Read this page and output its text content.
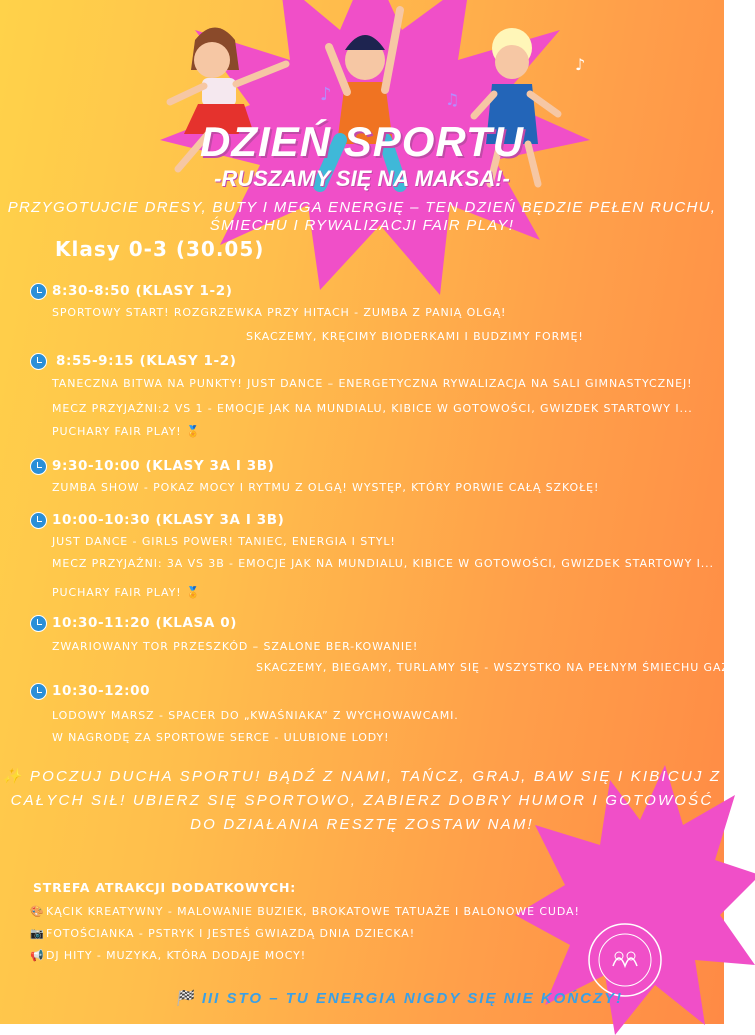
♪	♫
♪
DZIEŃ SPORTU
-RUSZAMY SIĘ NA MAKSA!-
PRZYGOTUJCIE DRESY, BUTY I MEGA ENERGIĘ – TEN DZIEŃ BĘDZIE PEŁEN RUCHU, ŚMIECHU I RYWALIZACJI FAIR PLAY!
Klasy 0-3 (30.05)
8:30-8:50 (KLASY 1-2)
SPORTOWY START! ROZGRZEWKA PRZY HITACH - ZUMBA Z PANIĄ OLGĄ!
SKACZEMY, KRĘCIMY BIODERKAMI I BUDZIMY FORMĘ!
8:55-9:15 (KLASY 1-2)
TANECZNA BITWA NA PUNKTY! JUST DANCE – ENERGETYCZNA RYWALIZACJA NA SALI GIMNASTYCZNEJ!
MECZ PRZYJAŹNI:2 VS 1 - EMOCJE JAK NA MUNDIALU, KIBICE W GOTOWOŚCI, GWIZDEK STARTOWY I...
PUCHARY FAIR PLAY! 🏅
9:30-10:00 (KLASY 3A I 3B)
ZUMBA SHOW - POKAZ MOCY I RYTMU Z OLGĄ! WYSTĘP, KTÓRY PORWIE CAŁĄ SZKOŁĘ!
10:00-10:30 (KLASY 3A I 3B)
JUST DANCE - GIRLS POWER! TANIEC, ENERGIA I STYL!
MECZ PRZYJAŹNI: 3A VS 3B - EMOCJE JAK NA MUNDIALU, KIBICE W GOTOWOŚCI, GWIZDEK STARTOWY I...
PUCHARY FAIR PLAY! 🏅
10:30-11:20 (KLASA 0)
ZWARIOWANY TOR PRZESZKÓD – SZALONE BER-KOWANIE!
SKACZEMY, BIEGAMY, TURLAMY SIĘ - WSZYSTKO NA PEŁNYM ŚMIECHU GAZIE!
10:30-12:00
LODOWY MARSZ - SPACER DO „KWAŚNIAKA” Z WYCHOWAWCAMI.
W NAGRODĘ ZA SPORTOWE SERCE - ULUBIONE LODY!
✨ POCZUJ DUCHA SPORTU! BĄDŹ Z NAMI, TAŃCZ, GRAJ, BAW SIĘ I KIBICUJ Z CAŁYCH SIŁ! UBIERZ SIĘ SPORTOWO, ZABIERZ DOBRY HUMOR I GOTOWOŚĆ DO DZIAŁANIA RESZTĘ ZOSTAW NAM!
STREFA ATRAKCJI DODATKOWYCH:
🎨KĄCIK KREATYWNY - MALOWANIE BUZIEK, BROKATOWE TATUAŻE I BALONOWE CUDA!
📷FOTOŚCIANKA - PSTRYK I JESTEŚ GWIAZDĄ DNIA DZIECKA!
📢DJ HITY - MUZYKA, KTÓRA DODAJE MOCY!
🏁 III STO – TU ENERGIA NIGDY SIĘ NIE KOŃCZY!
